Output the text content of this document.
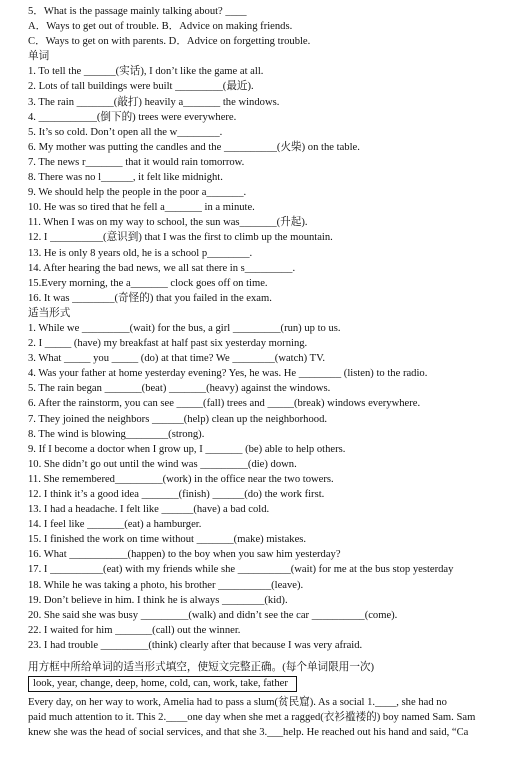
5．What is the passage mainly talking about? ____
A．Ways to get out of trouble. B．Advice on making friends.
C．Ways to get on with parents. D．Advice on forgetting trouble.
单词
1. To tell the ______(实话), I don’t like the game at all.
2. Lots of tall buildings were built _________(最近).
3. The rain _______(敲打) heavily a_______ the windows.
4. ___________(倒下的) trees were everywhere.
5. It’s so cold. Don’t open all the w________.
6. My mother was putting the candles and the __________(火柴) on the table.
7. The news r_______ that it would rain tomorrow.
8. There was no l______, it felt like midnight.
9. We should help the people in the poor a_______.
10. He was so tired that he fell a_______ in a minute.
11. When I was on my way to school, the sun was_______(升起).
12. I __________(意识到) that I was the first to climb up the mountain.
13. He is only 8 years old, he is a school p________.
14. After hearing the bad news, we all sat there in s_________.
15.Every morning, the a_______ clock goes off on time.
16. It was ________(奇怪的) that you failed in the exam.
适当形式
1. While we _________(wait) for the bus, a girl _________(run) up to us.
2. I _____ (have) my breakfast at half past six yesterday morning.
3. What _____ you _____ (do) at that time? We ________(watch) TV.
4. Was your father at home yesterday evening? Yes, he was. He ________ (listen) to the radio.
5. The rain began _______(beat) _______(heavy) against the windows.
6. After the rainstorm, you can see _____(fall) trees and _____(break) windows everywhere.
7. They joined the neighbors ______(help) clean up the neighborhood.
8. The wind is blowing________(strong).
9. If I become a doctor when I grow up, I _______ (be) able to help others.
10. She didn’t go out until the wind was _________(die) down.
11. She remembered_________(work) in the office near the two towers.
12. I think it’s a good idea _______(finish) ______(do) the work first.
13. I had a headache. I felt like ______(have) a bad cold.
14. I feel like _______(eat) a hamburger.
15. I finished the work on time without _______(make) mistakes.
16. What ___________(happen) to the boy when you saw him yesterday?
17. I __________(eat) with my friends while she __________(wait) for me at the bus stop yesterday
18. While he was taking a photo, his brother __________(leave).
19. Don’t believe in him. I think he is always ________(kid).
20. She said she was busy _________(walk) and didn’t see the car __________(come).
22. I waited for him _______(call) out the winner.
23. I had trouble _________(think) clearly after that because I was very afraid.
用方框中所给单词的适当形式填空，使短文完整正确。(每个单词限用一次)
look, year, change, deep, home, cold, can, work, take, father
Every day, on her way to work, Amelia had to pass a slum(贫民窟). As a social 1.____, she had no
paid much attention to it. This 2.____one day when she met a ragged(衣衫褴褛的) boy named Sam. Sam
knew she was the head of social services, and that she 3.___help. He reached out his hand and said, “Ca
